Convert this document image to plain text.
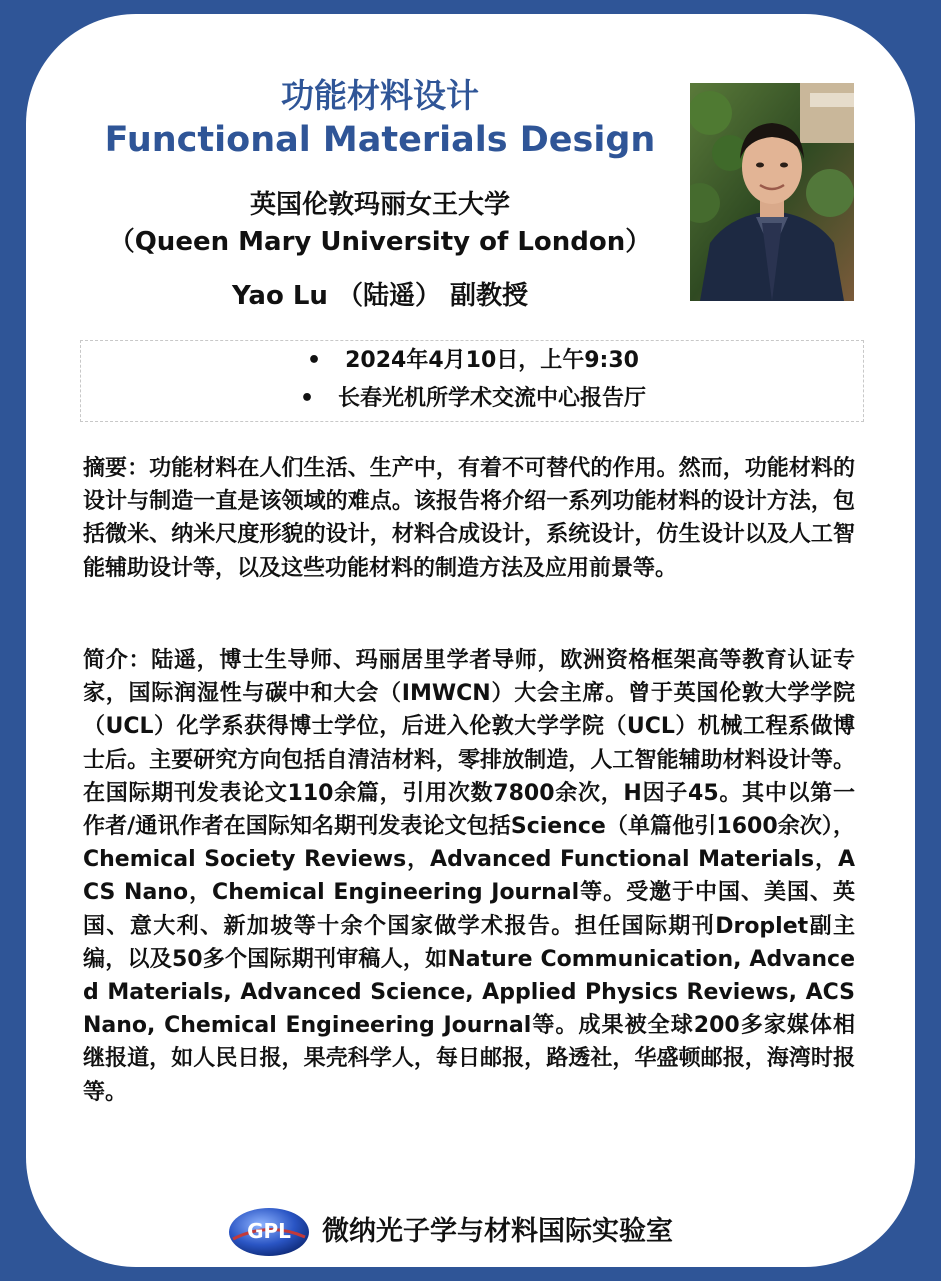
功能材料设计
Functional Materials Design
英国伦敦玛丽女王大学
（Queen Mary University of London）
Yao Lu （陆遥） 副教授
• 2024年4月10日，上午9:30
• 长春光机所学术交流中心报告厅

摘要：功能材料在人们生活、生产中，有着不可替代的作用。然而，功能材料的设计与制造一直是该领域的难点。该报告将介绍一系列功能材料的设计方法，包括微米、纳米尺度形貌的设计，材料合成设计，系统设计，仿生设计以及人工智能辅助设计等，以及这些功能材料的制造方法及应用前景等。

简介：陆遥，博士生导师、玛丽居里学者导师，欧洲资格框架高等教育认证专家，国际润湿性与碳中和大会（IMWCN）大会主席。曾于英国伦敦大学学院（UCL）化学系获得博士学位，后进入伦敦大学学院（UCL）机械工程系做博士后。主要研究方向包括自清洁材料，零排放制造，人工智能辅助材料设计等。在国际期刊发表论文110余篇，引用次数7800余次，H因子45。其中以第一作者/通讯作者在国际知名期刊发表论文包括Science（单篇他引1600余次），Chemical Society Reviews，Advanced Functional Materials，ACS Nano，Chemical Engineering Journal等。受邀于中国、美国、英国、意大利、新加坡等十余个国家做学术报告。担任国际期刊Droplet副主编，以及50多个国际期刊审稿人，如Nature Communication, Advanced Materials, Advanced Science, Applied Physics Reviews, ACS Nano, Chemical Engineering Journal等。成果被全球200多家媒体相继报道，如人民日报，果壳科学人，每日邮报，路透社，华盛顿邮报，海湾时报等。

GPL 微纳光子学与材料国际实验室
